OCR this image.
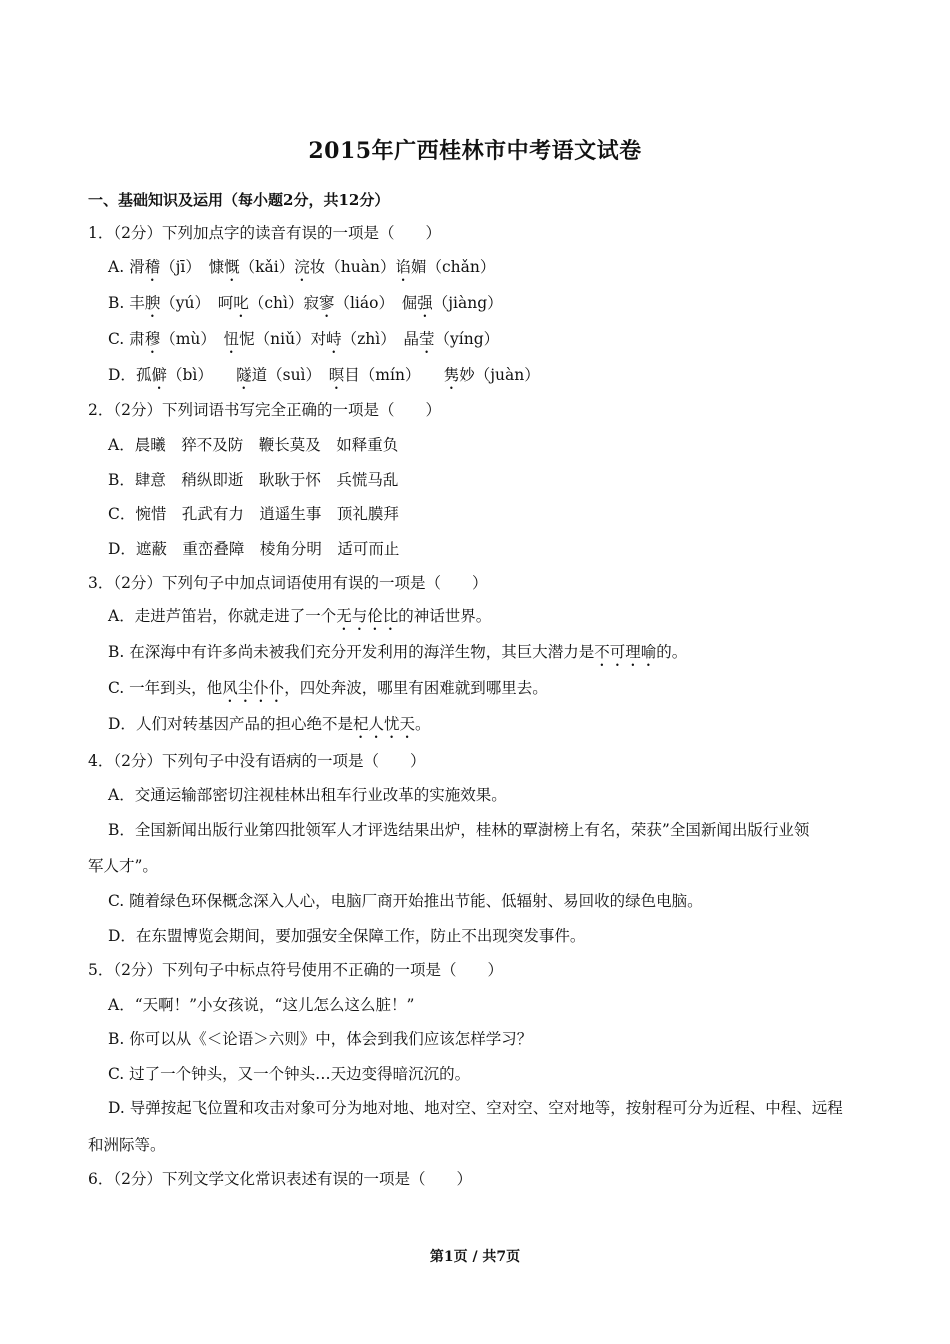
2015年广西桂林市中考语文试卷
一、基础知识及运用（每小题2分，共12分）
1．（2分）下列加点字的读音有误的一项是（　　）
A. 滑稽（jī）　慷慨（kǎi）浣妆（huàn）谄媚（chǎn）
B. 丰腴（yú）　呵叱（chì）寂寥（liáo）　倔强（jiàng）
C. 肃穆（mù）　忸怩（niǔ）对峙（zhì）　晶莹（yíng）
D．孤僻（bì）　　隧道（suì）　暝目（mín）　　隽妙（juàn）
2．（2分）下列词语书写完全正确的一项是（　　）
A．晨曦　猝不及防　鞭长莫及　如释重负
B．肆意　稍纵即逝　耿耿于怀　兵慌马乱
C．惋惜　孔武有力　逍遥生事　顶礼膜拜
D．遮蔽　重峦叠障　棱角分明　适可而止
3．（2分）下列句子中加点词语使用有误的一项是（　　）
A．走进芦笛岩，你就走进了一个无与伦比的神话世界。
B. 在深海中有许多尚未被我们充分开发利用的海洋生物，其巨大潜力是不可理喻的。
C. 一年到头，他风尘仆仆，四处奔波，哪里有困难就到哪里去。
D．人们对转基因产品的担心绝不是杞人忧天。
4．（2分）下列句子中没有语病的一项是（　　）
A．交通运输部密切注视桂林出租车行业改革的实施效果。
B．全国新闻出版行业第四批领军人才评选结果出炉，桂林的覃澍榜上有名，荣获”全国新闻出版行业领
军人才”。
C. 随着绿色环保概念深入人心，电脑厂商开始推出节能、低辐射、易回收的绿色电脑。
D．在东盟博览会期间，要加强安全保障工作，防止不出现突发事件。
5．（2分）下列句子中标点符号使用不正确的一项是（　　）
A．“天啊！”小女孩说，“这儿怎么这么脏！”
B. 你可以从《＜论语＞六则》中，体会到我们应该怎样学习？
C. 过了一个钟头，又一个钟头…天边变得暗沉沉的。
D. 导弹按起飞位置和攻击对象可分为地对地、地对空、空对空、空对地等，按射程可分为近程、中程、远程
和洲际等。
6．（2分）下列文学文化常识表述有误的一项是（　　）
第1页 / 共7页
